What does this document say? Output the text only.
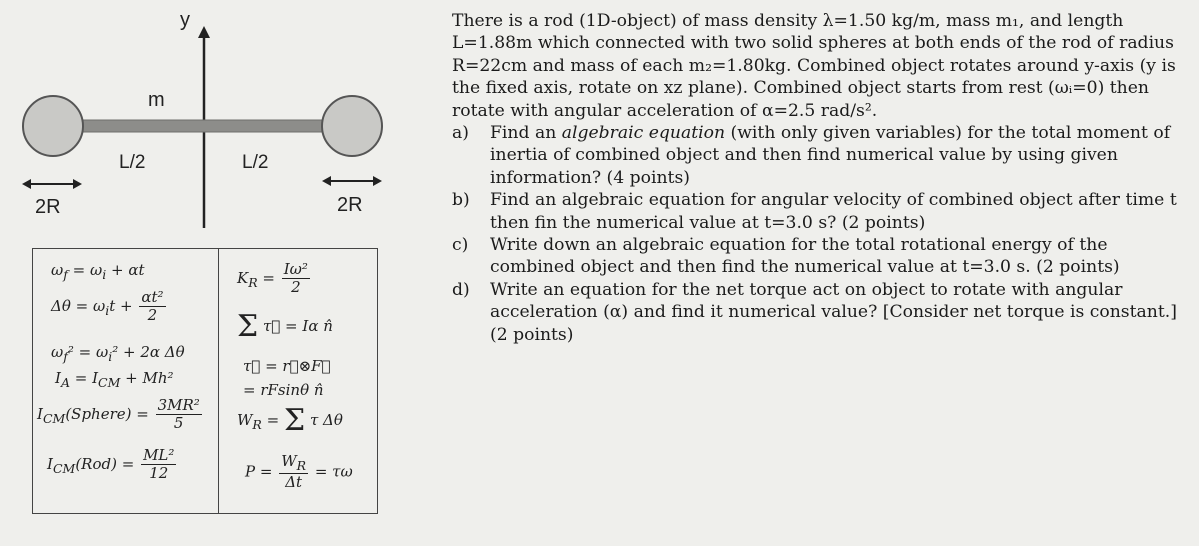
y
m
L/2	L/2
2R	2R
$\omega_f = \omega_i + \alpha t$
$\Delta\theta = \omega_it + \frac{\text{αt²}}{2}$
$\omega_f^2 = \omega_i^2 + 2\alpha$ Δθ
$I_A = I_{CM} + Mh^2$
$I_{CM}(Sphere) = \frac{\text{3MR²}}{5}$
$I_{CM}(Rod) = \frac{\text{ML²}}{12}$
$K_R = \frac{\text{Iω²}}{2}$
Σ τ⃗ = Iα n̂
τ⃗ = r⃗⊗F⃗
= rFsinθ n̂
$W_R = \Sigma$ τ Δθ
$P = \frac{W_R}{\Delta t} = \tau\omega$

There is a rod (1D-object) of mass density λ=1.50 kg/m, mass m₁, and length L=1.88m which connected with two solid spheres at both ends of the rod of radius R=22cm and mass of each m₂=1.80kg. Combined object rotates around y-axis (y is the fixed axis, rotate on xz plane). Combined object starts from rest (ωᵢ=0) then rotate with angular acceleration of α=2.5 rad/s².

a)	Find an algebraic equation (with only given variables) for the total moment of inertia of combined object and then find numerical value by using given information? (4 points)
b)	Find an algebraic equation for angular velocity of combined object after time t then fin the numerical value at t=3.0 s? (2 points)
c)	Write down an algebraic equation for the total rotational energy of the combined object and then find the numerical value at t=3.0 s. (2 points)
d)	Write an equation for the net torque act on object to rotate with angular acceleration (α) and find it numerical value? [Consider net torque is constant.] (2 points)
